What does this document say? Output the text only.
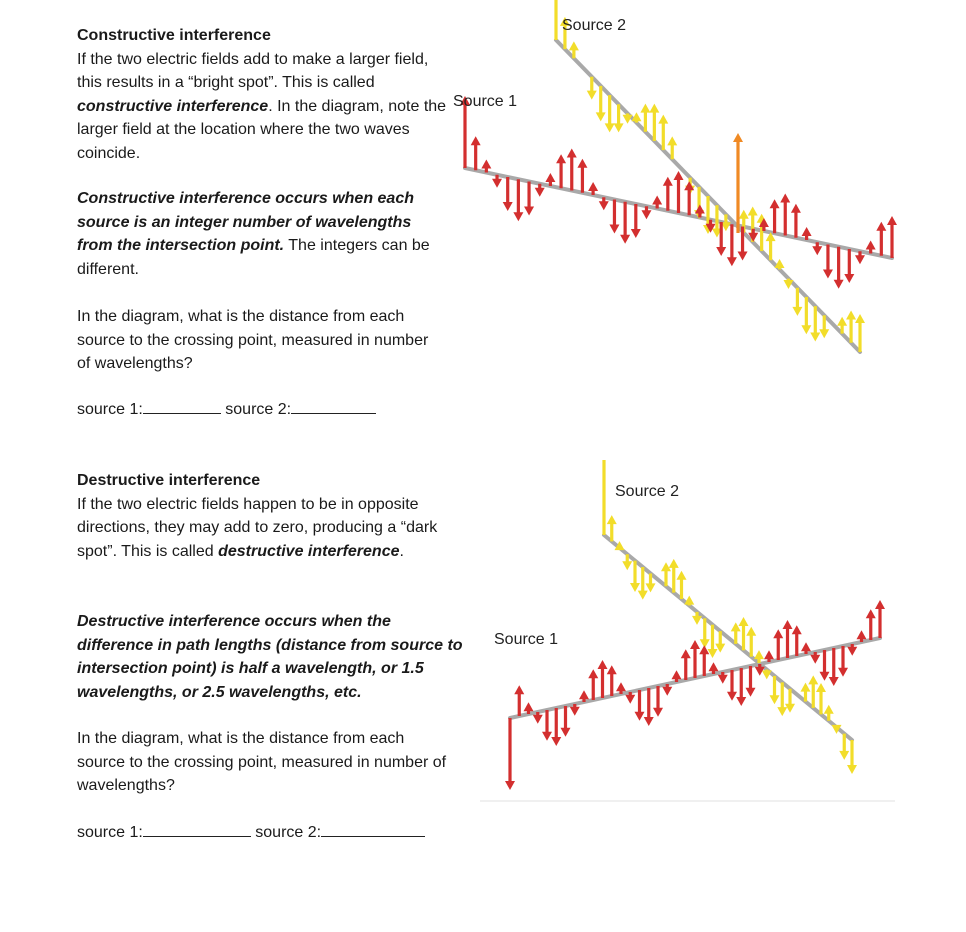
Constructive interference

If the two electric fields add to make a larger field, this results in a “bright spot”. This is called constructive interference. In the diagram, note the larger field at the location where the two waves coincide.

Constructive interference occurs when each source is an integer number of wavelengths from the intersection point. The integers can be different.

In the diagram, what is the distance from each source to the crossing point, measured in number of wavelengths?

source 1:	source 2:

Destructive interference

If the two electric fields happen to be in opposite directions, they may add to zero, producing a “dark spot”. This is called destructive interference.

Destructive interference occurs when the difference in path lengths (distance from source to intersection point) is half a wavelength, or 1.5 wavelengths, or 2.5 wavelengths, etc.

In the diagram, what is the distance from each source to the crossing point, measured in number of wavelengths?

source 1:	source 2:

Source 2
Source 1
Source 2
Source 1
